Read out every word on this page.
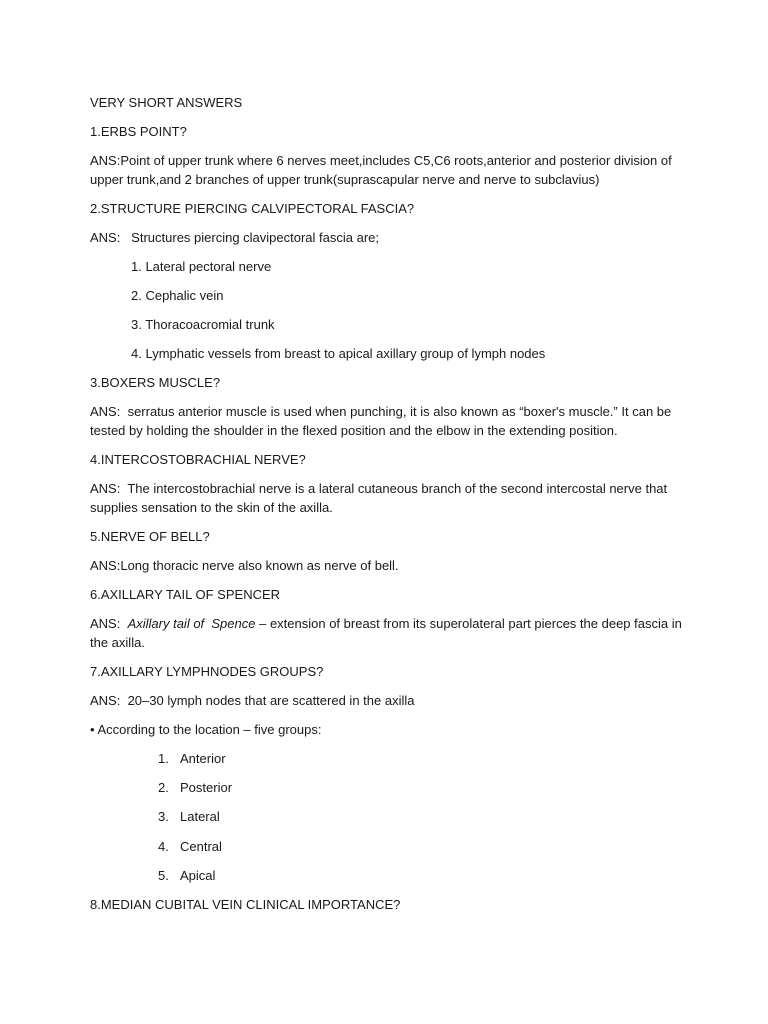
VERY SHORT ANSWERS
1.ERBS POINT?
ANS:Point of upper trunk where 6 nerves meet,includes C5,C6 roots,anterior and posterior division of
upper trunk,and 2 branches of upper trunk(suprascapular nerve and nerve to subclavius)
2.STRUCTURE PIERCING CALVIPECTORAL FASCIA?
ANS:   Structures piercing clavipectoral fascia are;
1. Lateral pectoral nerve
2. Cephalic vein
3. Thoracoacromial trunk
4. Lymphatic vessels from breast to apical axillary group of lymph nodes
3.BOXERS MUSCLE?
ANS:  serratus anterior muscle is used when punching, it is also known as “boxer's muscle.” It can be
tested by holding the shoulder in the flexed position and the elbow in the extending position.
4.INTERCOSTOBRACHIAL NERVE?
ANS:  The intercostobrachial nerve is a lateral cutaneous branch of the second intercostal nerve that
supplies sensation to the skin of the axilla.
5.NERVE OF BELL?
ANS:Long thoracic nerve also known as nerve of bell.
6.AXILLARY TAIL OF SPENCER
ANS:  Axillary tail of  Spence – extension of breast from its superolateral part pierces the deep fascia in
the axilla.
7.AXILLARY LYMPHNODES GROUPS?
ANS:  20–30 lymph nodes that are scattered in the axilla
• According to the location – five groups:
1. Anterior
2. Posterior
3. Lateral
4. Central
5. Apical
8.MEDIAN CUBITAL VEIN CLINICAL IMPORTANCE?
